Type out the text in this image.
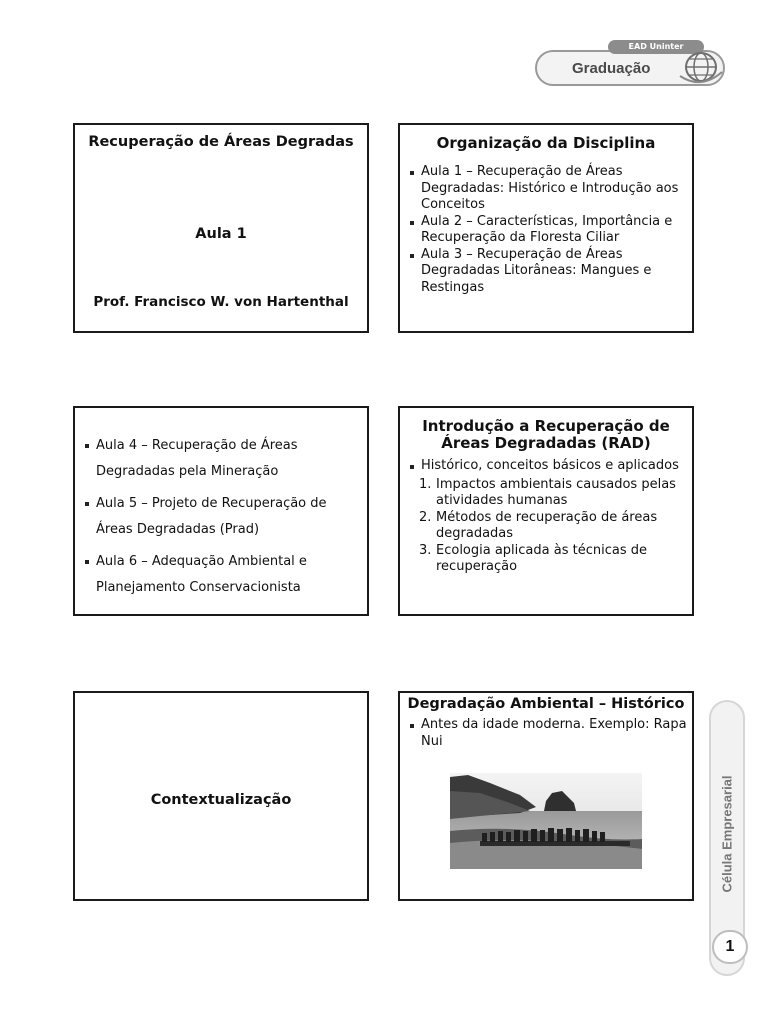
EAD Uninter
Graduação
Recuperação de Áreas Degradas
Aula 1
Prof. Francisco W. von Hartenthal
Organização da Disciplina
Aula 1 – Recuperação de Áreas Degradadas: Histórico e Introdução aos Conceitos
Aula 2 – Características, Importância e Recuperação da Floresta Ciliar
Aula 3 – Recuperação de Áreas Degradadas Litorâneas: Mangues e Restingas
Aula 4 – Recuperação de Áreas Degradadas pela Mineração
Aula 5 – Projeto de Recuperação de Áreas Degradadas (Prad)
Aula 6 – Adequação Ambiental e Planejamento Conservacionista
Introdução a Recuperação de Áreas Degradadas (RAD)
Histórico, conceitos básicos e aplicados
1. Impactos ambientais causados pelas atividades humanas
2. Métodos de recuperação de áreas degradadas
3. Ecologia aplicada às técnicas de recuperação
Contextualização
Degradação Ambiental – Histórico
Antes da idade moderna. Exemplo: Rapa Nui
Célula Empresarial
1
